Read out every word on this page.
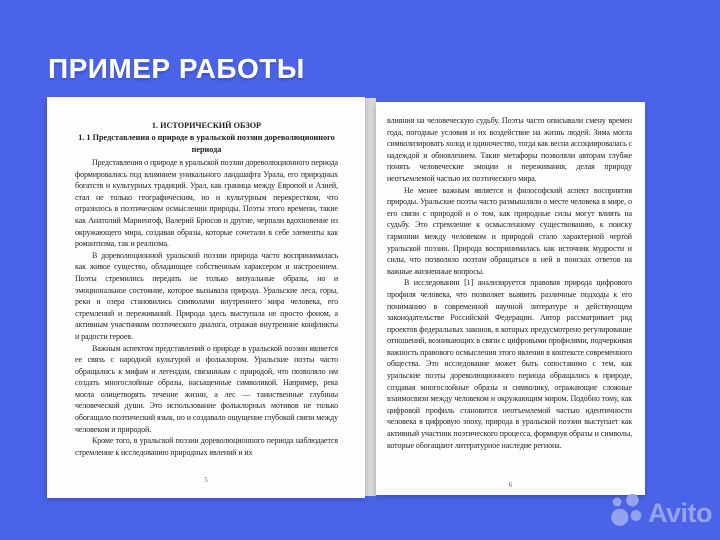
ПРИМЕР РАБОТЫ

1. ИСТОРИЧЕСКИЙ ОБЗОР

1. 1 Представления о природе в уральской поэзии дореволюционного периода

Представления о природе в уральской поэзии дореволюционного периода формировались под влиянием уникального ландшафта Урала, его природных богатств и культурных традиций. Урал, как граница между Европой и Азией, стал не только географическим, но и культурным перекрестком, что отразилось в поэтическом осмыслении природы. Поэты этого времени, такие как Анатолий Мариенгоф, Валерий Брюсов и другие, черпали вдохновение из окружающего мира, создавая образы, которые сочетали в себе элементы как романтизма, так и реализма.

В дореволюционной уральской поэзии природа часто воспринималась как живое существо, обладающее собственным характером и настроением. Поэты стремились передать не только визуальные образы, но и эмоциональное состояние, которое вызывала природа. Уральские леса, горы, реки и озера становились символами внутреннего мира человека, его стремлений и переживаний. Природа здесь выступала не просто фоном, а активным участником поэтического диалога, отражая внутренние конфликты и радости героев.

Важным аспектом представлений о природе в уральской поэзии является ее связь с народной культурой и фольклором. Уральские поэты часто обращались к мифам и легендам, связанным с природой, что позволяло им создать многослойные образы, насыщенные символикой. Например, река могла олицетворять течение жизни, а лес — таинственные глубины человеческой души. Это использование фольклорных мотивов не только обогащало поэтический язык, но и создавало ощущение глубокой связи между человеком и природой.

Кроме того, в уральской поэзии дореволюционного периода наблюдается стремление к исследованию природных явлений и их

5

влияния на человеческую судьбу. Поэты часто описывали смену времен года, погодные условия и их воздействие на жизнь людей. Зима могла символизировать холод и одиночество, тогда как весна ассоциировалась с надеждой и обновлением. Такие метафоры позволяли авторам глубже понять человеческие эмоции и переживания, делая природу неотъемлемой частью их поэтического мира.

Не менее важным является и философский аспект восприятия природы. Уральские поэты часто размышляли о месте человека в мире, о его связи с природой и о том, как природные силы могут влиять на судьбу. Это стремление к осмысленному существованию, к поиску гармонии между человеком и природой стало характерной чертой уральской поэзии. Природа воспринималась как источник мудрости и силы, что позволяло поэтам обращаться к ней в поисках ответов на важные жизненные вопросы.

В исследовании [1] анализируется правовая природа цифрового профиля человека, что позволяет выявить различные подходы к его пониманию в современной научной литературе и действующем законодательстве Российской Федерации. Автор рассматривает ряд проектов федеральных законов, в которых предусмотрено регулирование отношений, возникающих в связи с цифровыми профилями, подчеркивая важность правового осмысления этого явления в контексте современного общества. Это исследование может быть сопоставимо с тем, как уральские поэты дореволюционного периода обращались к природе, создавая многослойные образы и символику, отражающие сложные взаимосвязи между человеком и окружающим миром. Подобно тому, как цифровой профиль становится неотъемлемой частью идентичности человека в цифровую эпоху, природа в уральской поэзии выступает как активный участник поэтического процесса, формируя образы и символы, которые обогащают литературное наследие региона.

6
Avito
